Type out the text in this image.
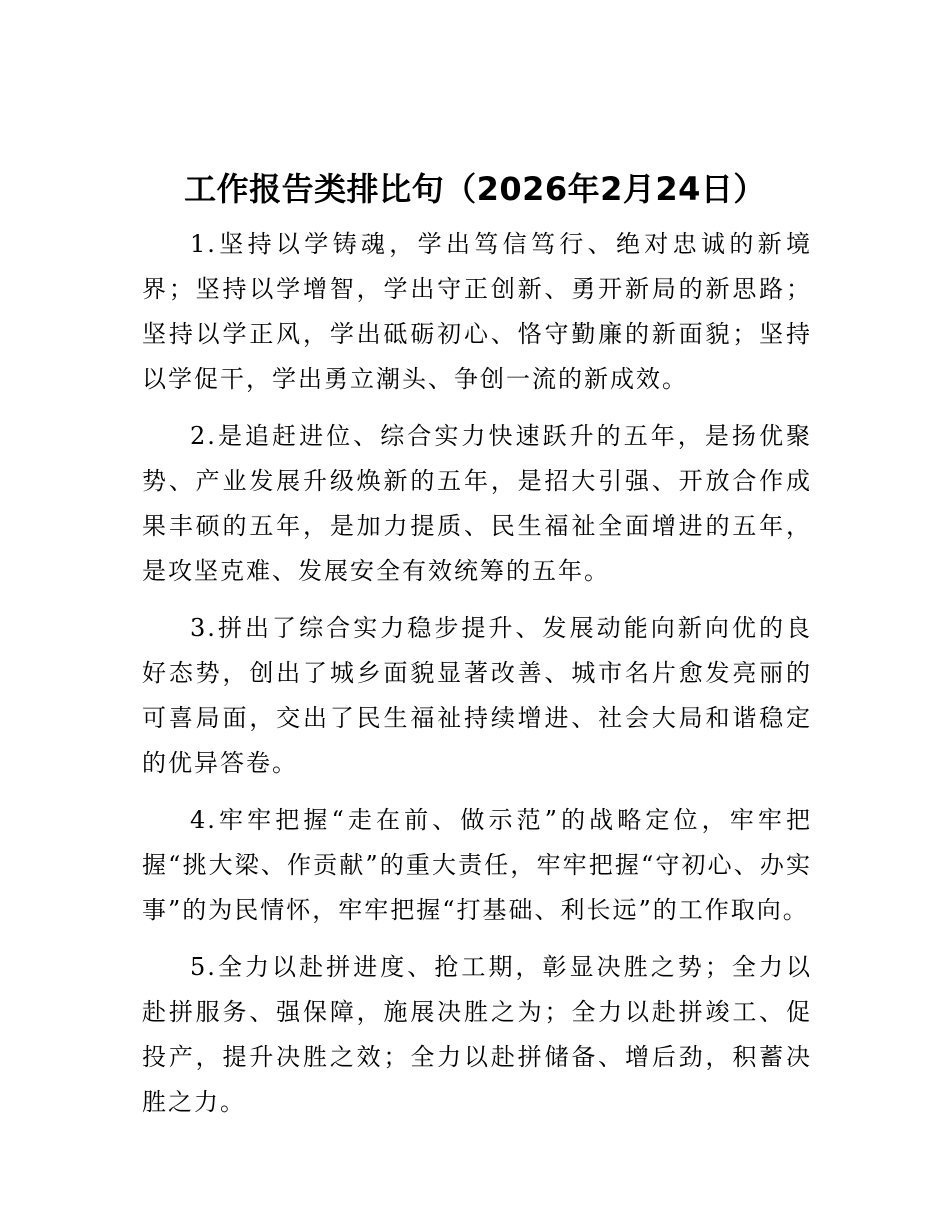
工作报告类排比句（2026年2月24日）

1.坚持以学铸魂，学出笃信笃行、绝对忠诚的新境界；坚持以学增智，学出守正创新、勇开新局的新思路；坚持以学正风，学出砥砺初心、恪守勤廉的新面貌；坚持以学促干，学出勇立潮头、争创一流的新成效。

2.是追赶进位、综合实力快速跃升的五年，是扬优聚势、产业发展升级焕新的五年，是招大引强、开放合作成果丰硕的五年，是加力提质、民生福祉全面增进的五年，是攻坚克难、发展安全有效统筹的五年。

3.拼出了综合实力稳步提升、发展动能向新向优的良好态势，创出了城乡面貌显著改善、城市名片愈发亮丽的可喜局面，交出了民生福祉持续增进、社会大局和谐稳定的优异答卷。

4.牢牢把握“走在前、做示范”的战略定位，牢牢把握“挑大梁、作贡献”的重大责任，牢牢把握“守初心、办实事”的为民情怀，牢牢把握“打基础、利长远”的工作取向。

5.全力以赴拼进度、抢工期，彰显决胜之势；全力以赴拼服务、强保障，施展决胜之为；全力以赴拼竣工、促投产，提升决胜之效；全力以赴拼储备、增后劲，积蓄决胜之力。
